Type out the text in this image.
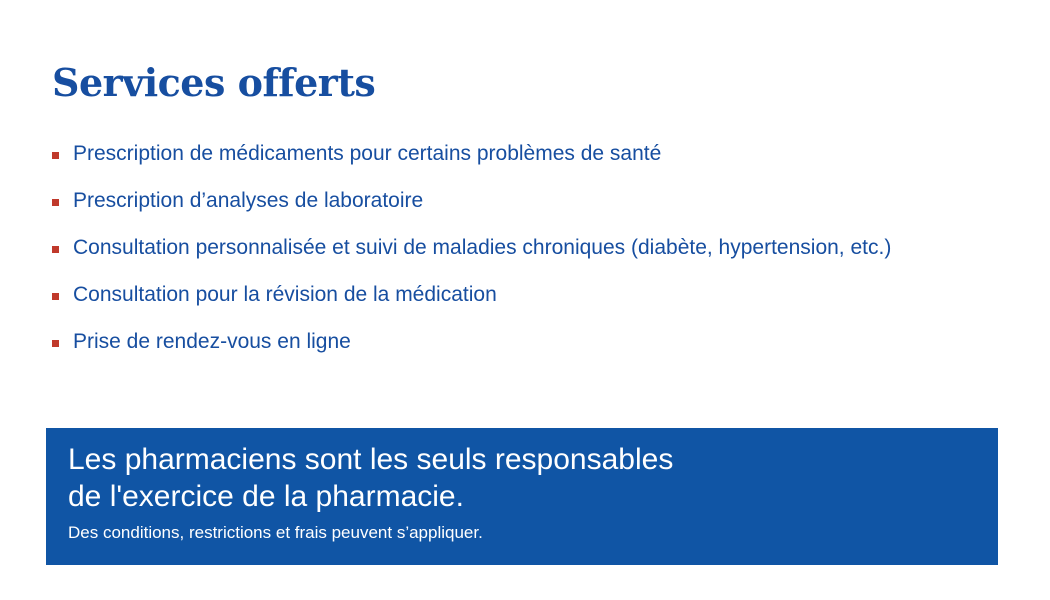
Services offerts
Prescription de médicaments pour certains problèmes de santé
Prescription d’analyses de laboratoire
Consultation personnalisée et suivi de maladies chroniques (diabète, hypertension, etc.)
Consultation pour la révision de la médication
Prise de rendez-vous en ligne
Les pharmaciens sont les seuls responsables
de l'exercice de la pharmacie.
Des conditions, restrictions et frais peuvent s’appliquer.
